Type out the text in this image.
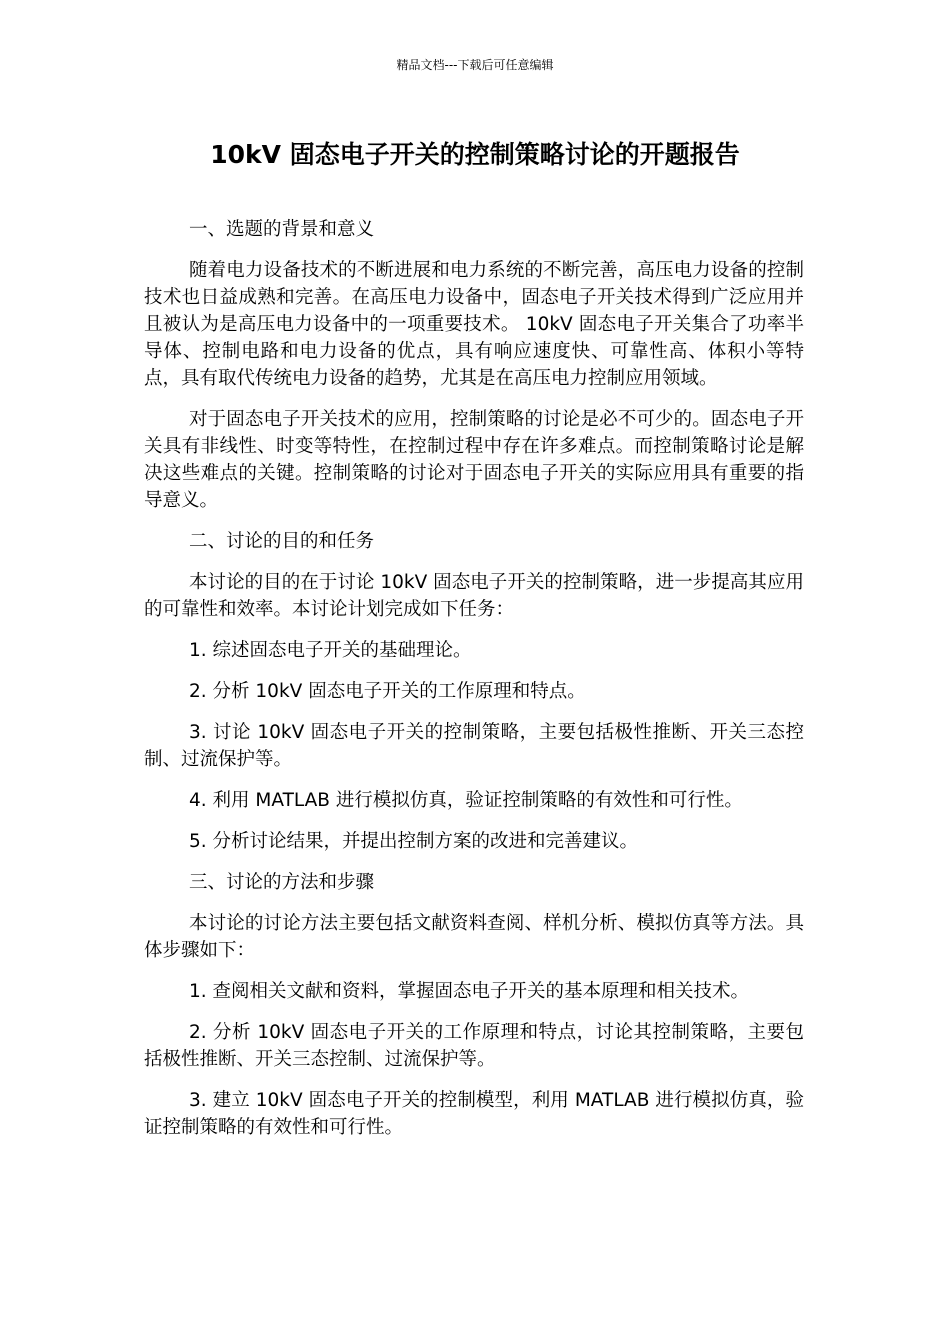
精品文档---下载后可任意编辑
10kV 固态电子开关的控制策略讨论的开题报告

一、选题的背景和意义

随着电力设备技术的不断进展和电力系统的不断完善，高压电力设备的控制技术也日益成熟和完善。在高压电力设备中，固态电子开关技术得到广泛应用并且被认为是高压电力设备中的一项重要技术。 10kV 固态电子开关集合了功率半导体、控制电路和电力设备的优点，具有响应速度快、可靠性高、体积小等特点，具有取代传统电力设备的趋势，尤其是在高压电力控制应用领域。

对于固态电子开关技术的应用，控制策略的讨论是必不可少的。固态电子开关具有非线性、时变等特性，在控制过程中存在许多难点。而控制策略讨论是解决这些难点的关键。控制策略的讨论对于固态电子开关的实际应用具有重要的指导意义。

二、讨论的目的和任务

本讨论的目的在于讨论 10kV 固态电子开关的控制策略，进一步提高其应用的可靠性和效率。本讨论计划完成如下任务：

1. 综述固态电子开关的基础理论。

2. 分析 10kV 固态电子开关的工作原理和特点。

3. 讨论 10kV 固态电子开关的控制策略，主要包括极性推断、开关三态控制、过流保护等。

4. 利用 MATLAB 进行模拟仿真，验证控制策略的有效性和可行性。

5. 分析讨论结果，并提出控制方案的改进和完善建议。

三、讨论的方法和步骤

本讨论的讨论方法主要包括文献资料查阅、样机分析、模拟仿真等方法。具体步骤如下：

1. 查阅相关文献和资料，掌握固态电子开关的基本原理和相关技术。

2. 分析 10kV 固态电子开关的工作原理和特点，讨论其控制策略，主要包括极性推断、开关三态控制、过流保护等。

3. 建立 10kV 固态电子开关的控制模型，利用 MATLAB 进行模拟仿真，验证控制策略的有效性和可行性。
